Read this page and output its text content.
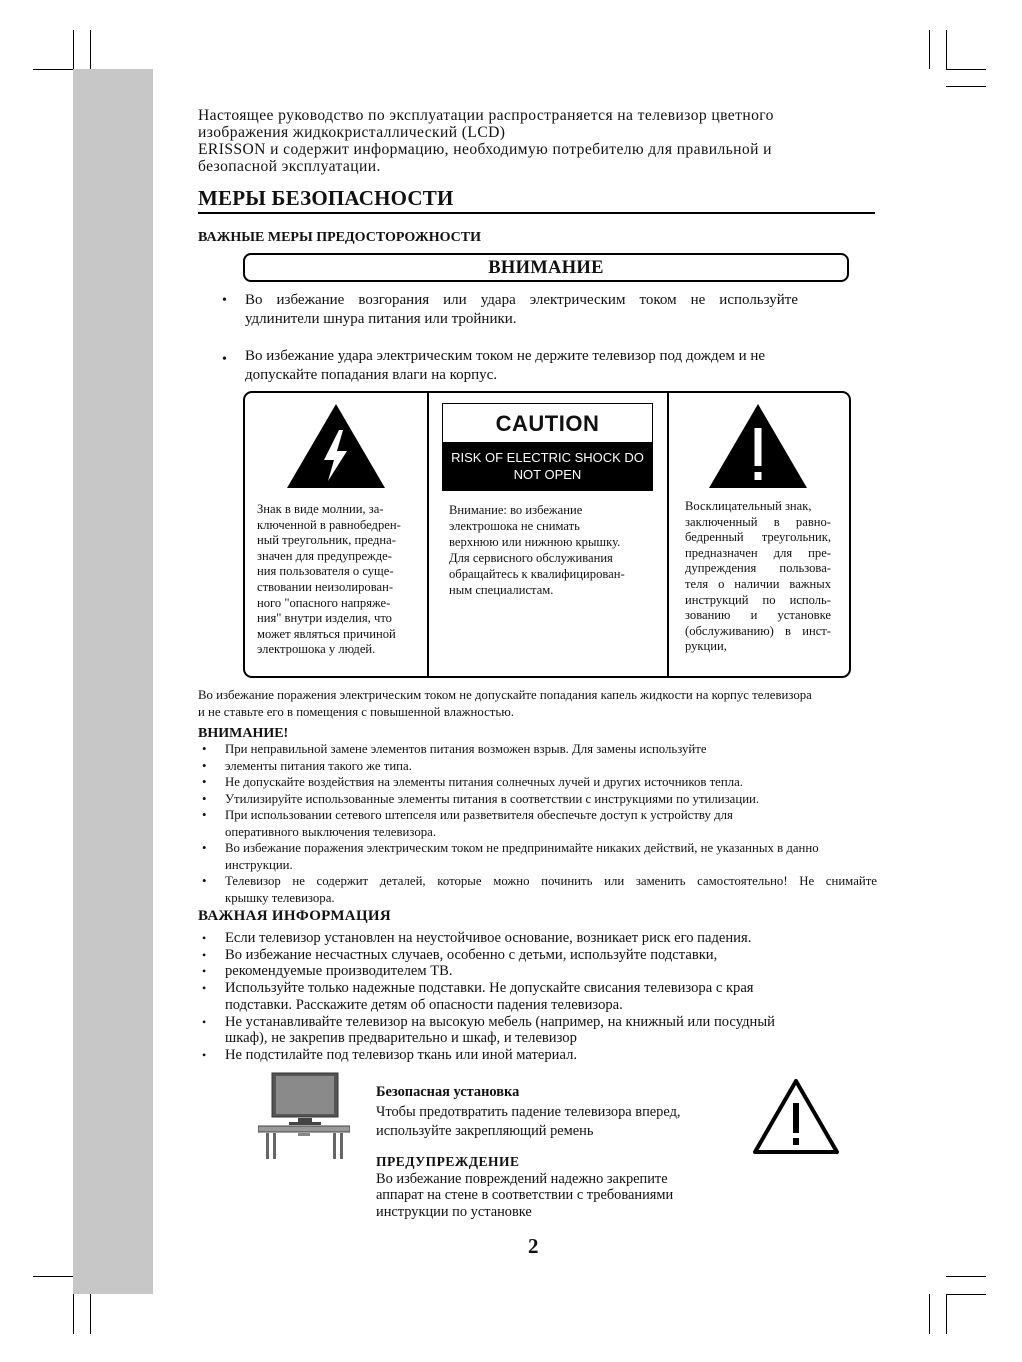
Настоящее руководство по эксплуатации распространяется на телевизор цветного
изображения жидкокристаллический (LCD)
ERISSON и содержит информацию, необходимую потребителю для правильной и
безопасной эксплуатации.
МЕРЫ БЕЗОПАСНОСТИ
ВАЖНЫЕ МЕРЫ ПРЕДОСТОРОЖНОСТИ
ВНИМАНИЕ
• Во избежание возгорания или удара электрическим током не используйте
удлинители шнура питания или тройники.
• Во избежание удара электрическим током не держите телевизор под дождем и не
допускайте попадания влаги на корпус.
Знак в виде молнии, за-
ключенной в равнобедрен-
ный треугольник, предна-
значен для предупрежде-
ния пользователя о суще-
ствовании неизолирован-
ного "опасного напряже-
ния" внутри изделия, что
может являться причиной
электрошока у людей.
CAUTION
RISK OF ELECTRIC SHOCK DO
NOT OPEN
Внимание: во избежание
электрошока не снимать
верхнюю или нижнюю крышку.
Для сервисного обслуживания
обращайтесь к квалифицирован-
ным специалистам.
Восклицательный знак,
заключенный в равно-
бедренный треугольник,
предназначен для пре-
дупреждения пользова-
теля о наличии важных
инструкций по исполь-
зованию и установке
(обслуживанию) в инст-
рукции,
Во избежание поражения электрическим током не допускайте попадания капель жидкости на корпус телевизора
и не ставьте его в помещения с повышенной влажностью.
ВНИМАНИЕ!
• При неправильной замене элементов питания возможен взрыв. Для замены используйте
• элементы питания такого же типа.
• Не допускайте воздействия на элементы питания солнечных лучей и других источников тепла.
• Утилизируйте использованные элементы питания в соответствии с инструкциями по утилизации.
• При использовании сетевого штепселя или разветвителя обеспечьте доступ к устройству для
оперативного выключения телевизора.
• Во избежание поражения электрическим током не предпринимайте никаких действий, не указанных в данно
инструкции.
• Телевизор не содержит деталей, которые можно починить или заменить самостоятельно! Не снимайте
крышку телевизора.
ВАЖНАЯ ИНФОРМАЦИЯ
• Если телевизор установлен на неустойчивое основание, возникает риск его падения.
• Во избежание несчастных случаев, особенно с детьми, используйте подставки,
• рекомендуемые производителем ТВ.
• Используйте только надежные подставки. Не допускайте свисания телевизора с края
подставки. Расскажите детям об опасности падения телевизора.
• Не устанавливайте телевизор на высокую мебель (например, на книжный или посудный
шкаф), не закрепив предварительно и шкаф, и телевизор
• Не подстилайте под телевизор ткань или иной материал.
Безопасная установка
Чтобы предотвратить падение телевизора вперед,
используйте закрепляющий ремень
ПРЕДУПРЕЖДЕНИЕ
Во избежание повреждений надежно закрепите
аппарат на стене в соответствии с требованиями
инструкции по установке
2
